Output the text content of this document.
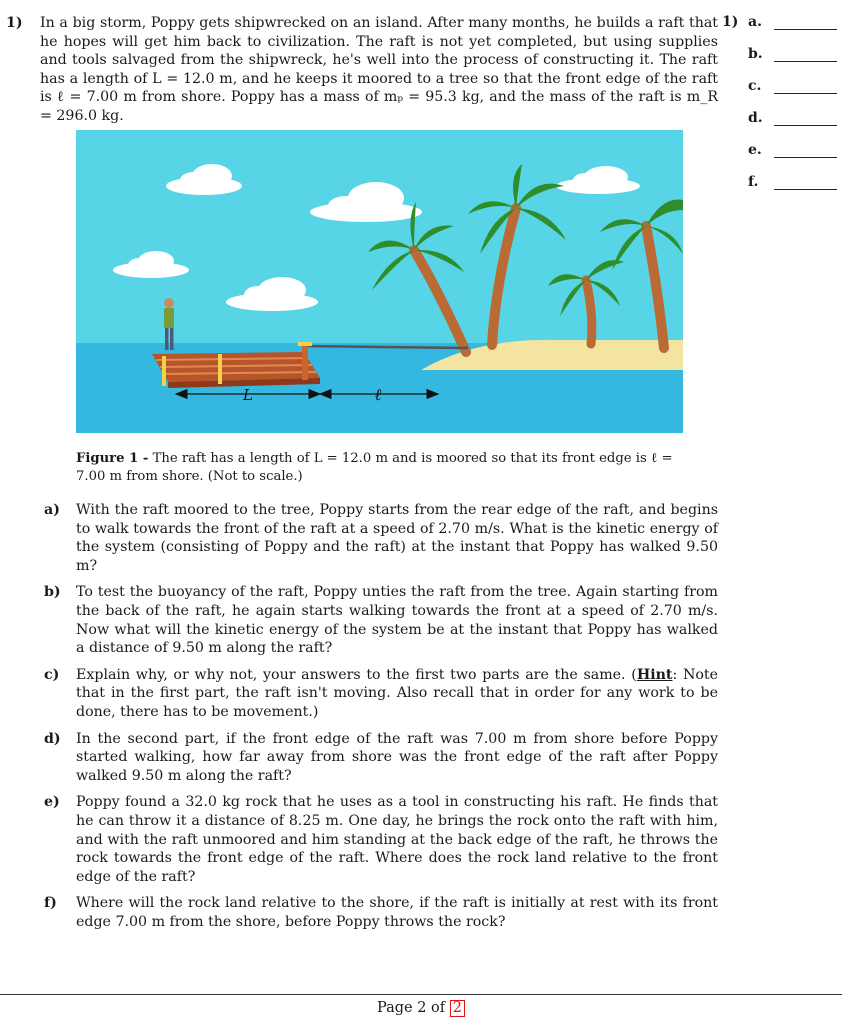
1) In a big storm, Poppy gets shipwrecked on an island. After many months, he builds a raft that he hopes will get him back to civilization. The raft is not yet completed, but using supplies and tools salvaged from the shipwreck, he's well into the process of constructing it. The raft has a length of L = 12.0 m, and he keeps it moored to a tree so that the front edge of the raft is ℓ = 7.00 m from shore. Poppy has a mass of mₚ = 95.3 kg, and the mass of the raft is m_R = 296.0 kg.
1) a.
b.
c.
d.
e.
f.
L	ℓ
Figure 1 - The raft has a length of L = 12.0 m and is moored so that its front edge is ℓ = 7.00 m from shore. (Not to scale.)
a) With the raft moored to the tree, Poppy starts from the rear edge of the raft, and begins to walk towards the front of the raft at a speed of 2.70 m/s. What is the kinetic energy of the system (consisting of Poppy and the raft) at the instant that Poppy has walked 9.50 m?
b) To test the buoyancy of the raft, Poppy unties the raft from the tree. Again starting from the back of the raft, he again starts walking towards the front at a speed of 2.70 m/s. Now what will the kinetic energy of the system be at the instant that Poppy has walked a distance of 9.50 m along the raft?
c) Explain why, or why not, your answers to the first two parts are the same. (Hint: Note that in the first part, the raft isn't moving. Also recall that in order for any work to be done, there has to be movement.)
d) In the second part, if the front edge of the raft was 7.00 m from shore before Poppy started walking, how far away from shore was the front edge of the raft after Poppy walked 9.50 m along the raft?
e) Poppy found a 32.0 kg rock that he uses as a tool in constructing his raft. He finds that he can throw it a distance of 8.25 m. One day, he brings the rock onto the raft with him, and with the raft unmoored and him standing at the back edge of the raft, he throws the rock towards the front edge of the raft. Where does the rock land relative to the front edge of the raft?
f) Where will the rock land relative to the shore, if the raft is initially at rest with its front edge 7.00 m from the shore, before Poppy throws the rock?
Page 2 of 2
